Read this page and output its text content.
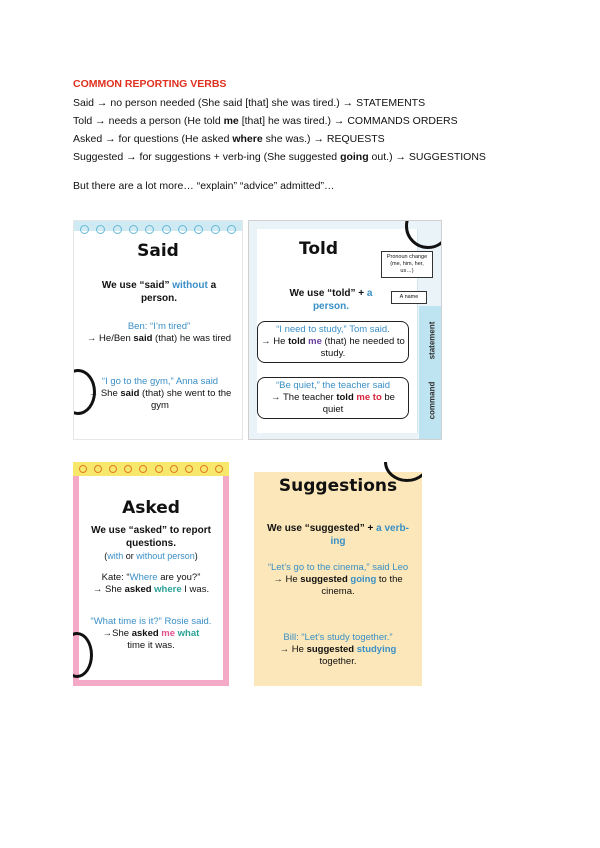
COMMON REPORTING VERBS
Said → no person needed (She said [that] she was tired.) → STATEMENTS
Told → needs a person (He told me [that] he was tired.) → COMMANDS ORDERS
Asked → for questions (He asked where she was.) → REQUESTS
Suggested → for suggestions + verb-ing (She suggested going out.) → SUGGESTIONS
But there are a lot more… “explain” “advice” admitted”…
Said
We use “said” without a person.
Ben: “I’m tired”
→ He/Ben said (that) he was tired
“I go to the gym,” Anna said
→ She said (that) she went to the gym
statement
command
Told	Pronoun change (me, him, her, us…)
A name
We use “told” + a
person.
“I need to study,” Tom said.
→ He told me (that) he needed to study.
“Be quiet,” the teacher said
→ The teacher told me to be quiet
Asked
We use “asked” to report questions.
(with or without person)
Kate: “Where are you?”
→ She asked where I was.
“What time is it?” Rosie said.
→She asked me what
time it was.
Suggestions
We use “suggested” + a verb-ing
“Let’s go to the cinema,” said Leo
→ He suggested going to the cinema.
Bill: “Let’s study together.”
→ He suggested studying
together.
